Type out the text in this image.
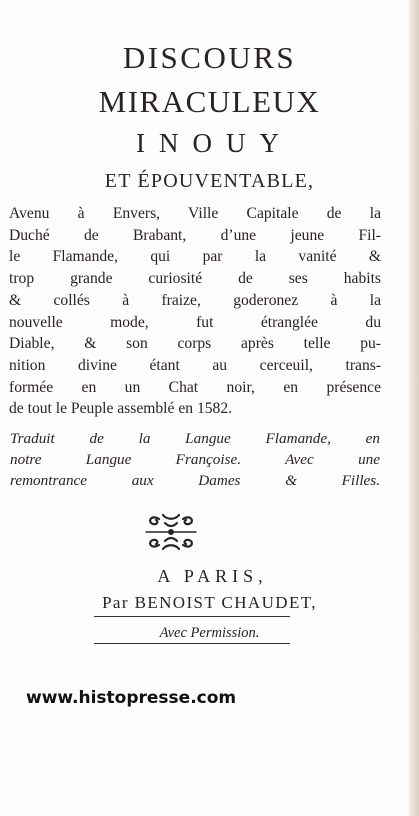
DISCOURS
MIRACULEUX
INOUY
ET ÉPOUVENTABLE,
Avenu à Envers, Ville Capitale de la
Duché de Brabant, d’une jeune Fil-
le Flamande, qui par la vanité &
trop grande curiosité de ses habits
& collés à fraize, goderonez à la
nouvelle mode, fut étranglée du
Diable, & son corps après telle pu-
nition divine étant au cerceuil, trans-
formée en un Chat noir, en présence
de tout le Peuple assemblé en 1582.
Traduit de la Langue Flamande, en
notre Langue Françoise. Avec une
remontrance aux Dames & Filles.
A PARIS,
Par BENOIST CHAUDET,
Avec Permission.
www.histopresse.com
